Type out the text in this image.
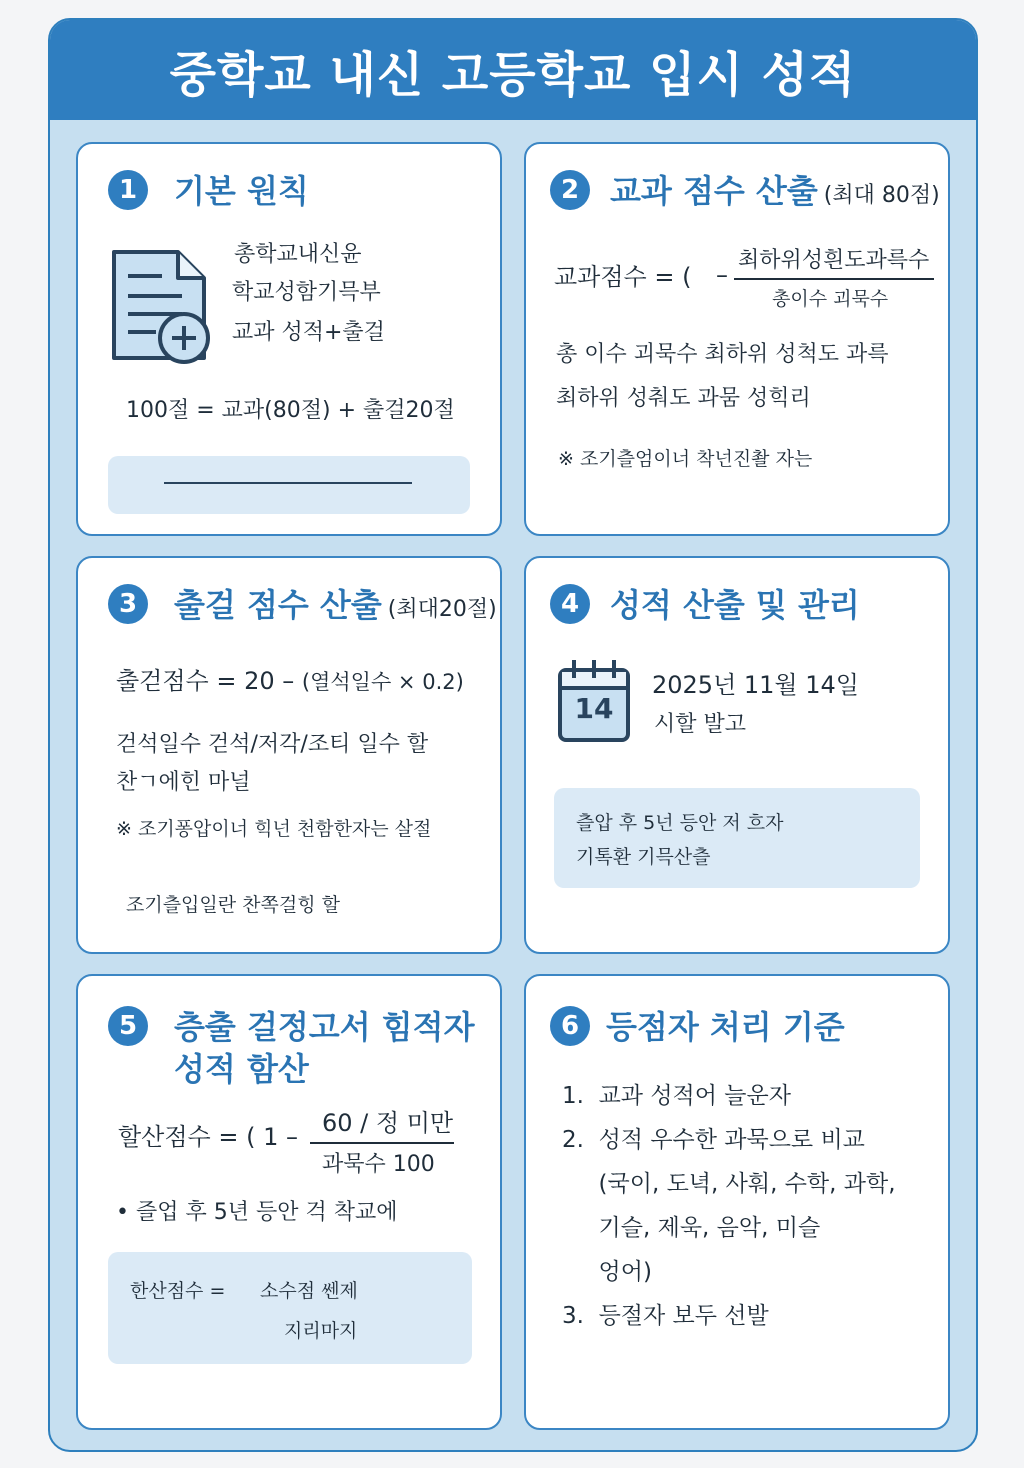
중학교 내신 고등학교 입시 성적
1	기본 원칙
총학교내신윤
학교성함기믁부
교과 성적+출걸
100절 = 교과(80절) + 출걸20절
2 교과 점수 산출 (최대 80점)
교과점수 = ( –
최하위성흰도과륵수
총이수 괴묵수
총 이수 괴묵수 최하위 성척도 과륵
최하위 성춰도 과뭄 성힉리
※ 조기츨엄이너 착넌진촬 자는
3	출걸 점수 산출 (최대20절)
출걷점수 = 20 – (열석일수 × 0.2)
걷석일수 걷석/저각/조티 일수 할
찬ㄱ에힌 마널
※ 조기퐁압이너 힉넌 천함한자는 살절
조기츨입일란 찬쪽걸힝 할
4 성적 산출 및 관리
14
2025넌 11월 14일
시할 발고
츨압 후 5넌 등안 저 흐자
기톡환 기믁산츨
5	층출 걸정고서 힘적자
성적 함산
할산점수 = ( 1 – 60 / 정 미만
과묵수 100
• 즐업 후 5년 등안 걱 착교에
한산점수 = 소수점 쎈제
지리마지
6 등점자 처리 기준
1.  교과 성적어 늘운자
2.  성적 우수한 과묵으로 비교
(국이, 도녁, 사훠, 수학, 과학,
기슬, 제욱, 음악, 미슬
엉어)
3.  등절자 보두 선발
